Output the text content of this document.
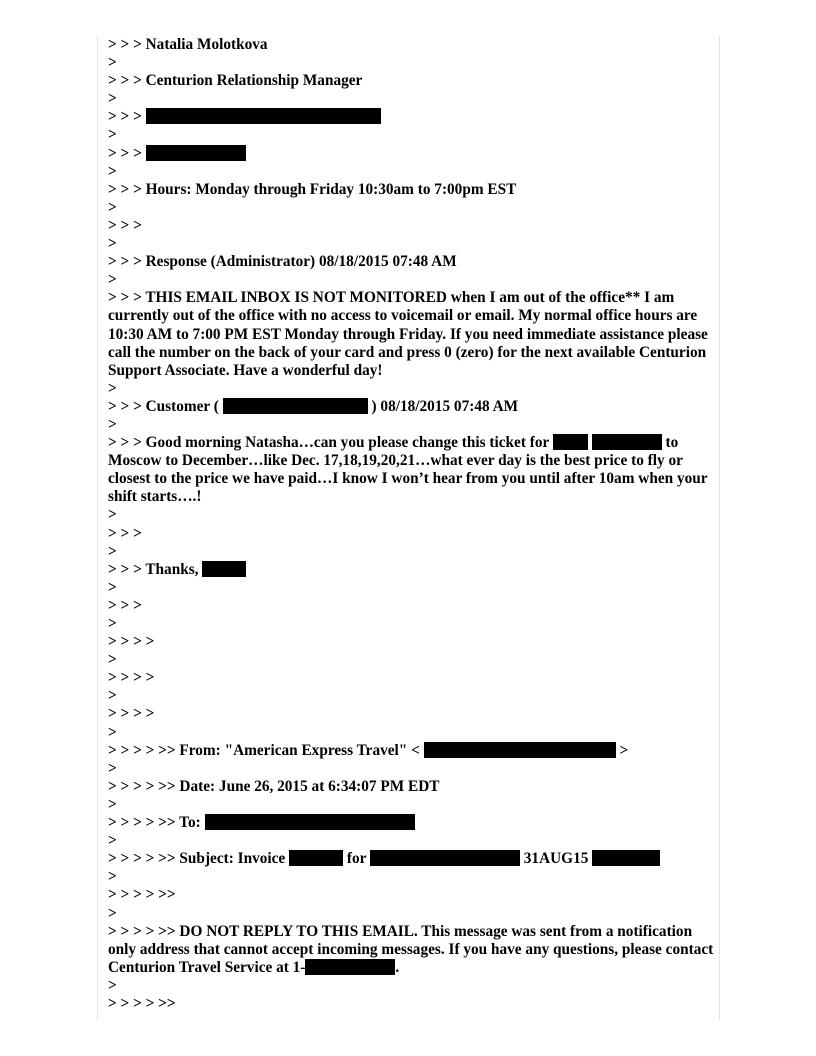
> > > Natalia Molotkova
>
> > > Centurion Relationship Manager
>
> > >
>
> > >
>
> > > Hours: Monday through Friday 10:30am to 7:00pm EST
>
> > >
>
> > > Response (Administrator) 08/18/2015 07:48 AM
>
> > > THIS EMAIL INBOX IS NOT MONITORED when I am out of the office** I am currently out of the office with no access to voicemail or email. My normal office hours are 10:30 AM to 7:00 PM EST Monday through Friday. If you need immediate assistance please call the number on the back of your card and press 0 (zero) for the next available Centurion Support Associate. Have a wonderful day!
>
> > > Customer (	) 08/18/2015 07:48 AM
>
> > > Good morning Natasha…can you please change this ticket for	to Moscow to December…like Dec. 17,18,19,20,21…what ever day is the best price to fly or closest to the price we have paid…I know I won’t hear from you until after 10am when your shift starts….!
>
> > >
>
> > > Thanks,
>
> > >
>
> > > >
>
> > > >
>
> > > >
>
> > > > >> From: "American Express Travel" <	>
>
> > > > >> Date: June 26, 2015 at 6:34:07 PM EDT
>
> > > > >> To:
>
> > > > >> Subject: Invoice	for	31AUG15
>
> > > > >>
>
> > > > >> DO NOT REPLY TO THIS EMAIL. This message was sent from a notification only address that cannot accept incoming messages. If you have any questions, please contact Centurion Travel Service at 1-	.
>
> > > > >>
